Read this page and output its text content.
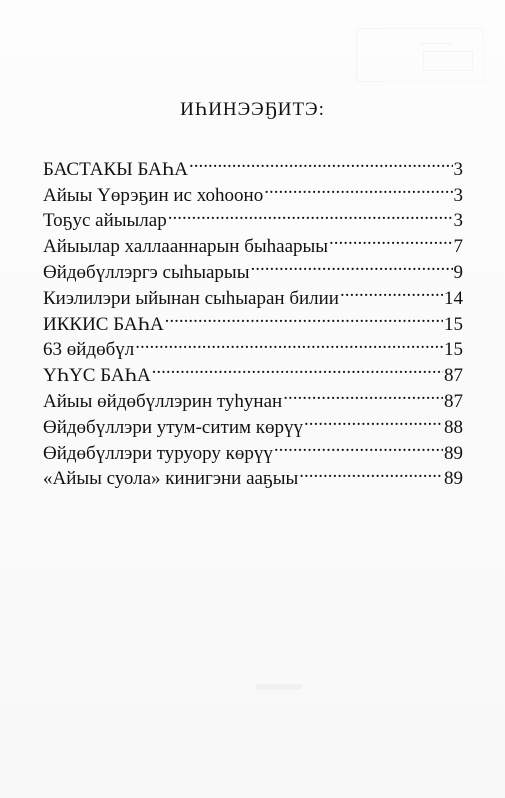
ИҺИНЭЭҔИТЭ:
БАСТАКЫ БАҺА .....	3
Айыы Үөрэҕин ис хоһооно .....	3
Тоҕус айыылар .....	3
Айыылар халлааннарын быһаарыы .....	7
Өйдөбүллэргэ сыһыарыы .....	9
Киэлилэри ыйынан сыһыаран билии .....	14
ИККИС БАҺА .....	15
63 өйдөбүл .....	15
ҮҺҮС БАҺА .....	87
Айыы өйдөбүллэрин туһунан .....	87
Өйдөбүллэри утум-ситим көрүү .....	88
Өйдөбүллэри туруору көрүү .....	89
«Айыы суола» кинигэни ааҕыы .....	89
